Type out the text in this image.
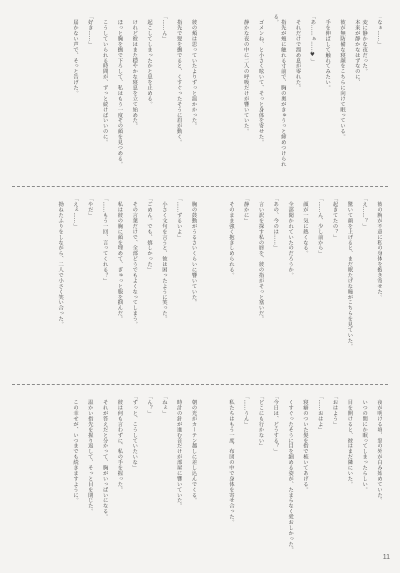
「なぁ……」

　変に静かな夜だった。
　本来が静かなはずなのに、

　彼が無防備な寝顔をこちらに向けて眠っている。

　手を伸ばして触れてみたい。

「あ……ぁ……♥」

　それだけで溜め息が零れた。

　指先が頬に触れる寸前で、胸の奥がきゅうっと締めつけられる。

　ゴメンね、と小さく呟いて、そっと身体を寄せた。

　静かな夜の中に二人の呼吸だけが響いていた。
　彼の頬は思っていたよりずっと温かかった。

　指先で髪を撫でると、くすぐったそうに眉が動く。

「……ん」

　起こしてしまったかと息を止める。

　けれど彼はまた穏やかな寝息を立て始めた。

　ほっと胸を撫で下ろして、私はもう一度その顔を見つめる。

　こうしていられる時間が、ずっと続けばいいのに。

「好き……」

　届かない声で、そっと告げた。
　彼の腕が不意に私の身体を抱き寄せた。

「え……？」

　驚いて顔を上げると、まだ眠たげな瞳がこちらを見ていた。

「起きてたの？」

「……ん、少し前から」

　顔が一気に熱くなる。

　全部聞かれていたのだろうか。

「あの、今のは……」

　言い訳を探す私の唇を、彼の指がそっと塞いだ。

「静かに」

　そのまま強く抱きしめられる。
　胸の鼓動がうるさいくらいに響いていた。

「……ずるいよ」

　小さく文句を言うと、彼は困ったように笑った。

「ごめん。でも、嬉しかった」

　その言葉だけで、全部どうでもよくなってしまう。

　私は彼の胸に顔を埋めて、ぎゅっと服を掴んだ。

「……もう一回、言ってくれる？」

「やだ」

「えぇ……」

　拗ねたふりをしながら、二人で小さく笑い合った。
　夜が明ける頃、窓の外が白み始めていた。

　いつの間にか眠ってしまったらしい。

　目を開けると、彼はまだ隣にいた。

「おはよう」

「……おはよ」

　寝癖のついた髪を指で梳いてあげる。

　くすぐったそうに目を細める姿が、たまらなく愛おしかった。

「今日は、どうする？」

「どこにも行かない」

「……うん」

　私たちはもう一度、布団の中で身体を寄せ合った。
　朝の光がカーテン越しに差し込んでくる。

　時計の針が進む音だけが部屋に響いていた。

「ねぇ」

「ん？」

「ずっと、こうしていたいな」

　彼は何も言わずに、私の手を握った。

　それが答えだと分かって、胸がいっぱいになる。

　温かい指先を握り返して、そっと目を閉じた。

　この幸せが、いつまでも続きますように。
11
